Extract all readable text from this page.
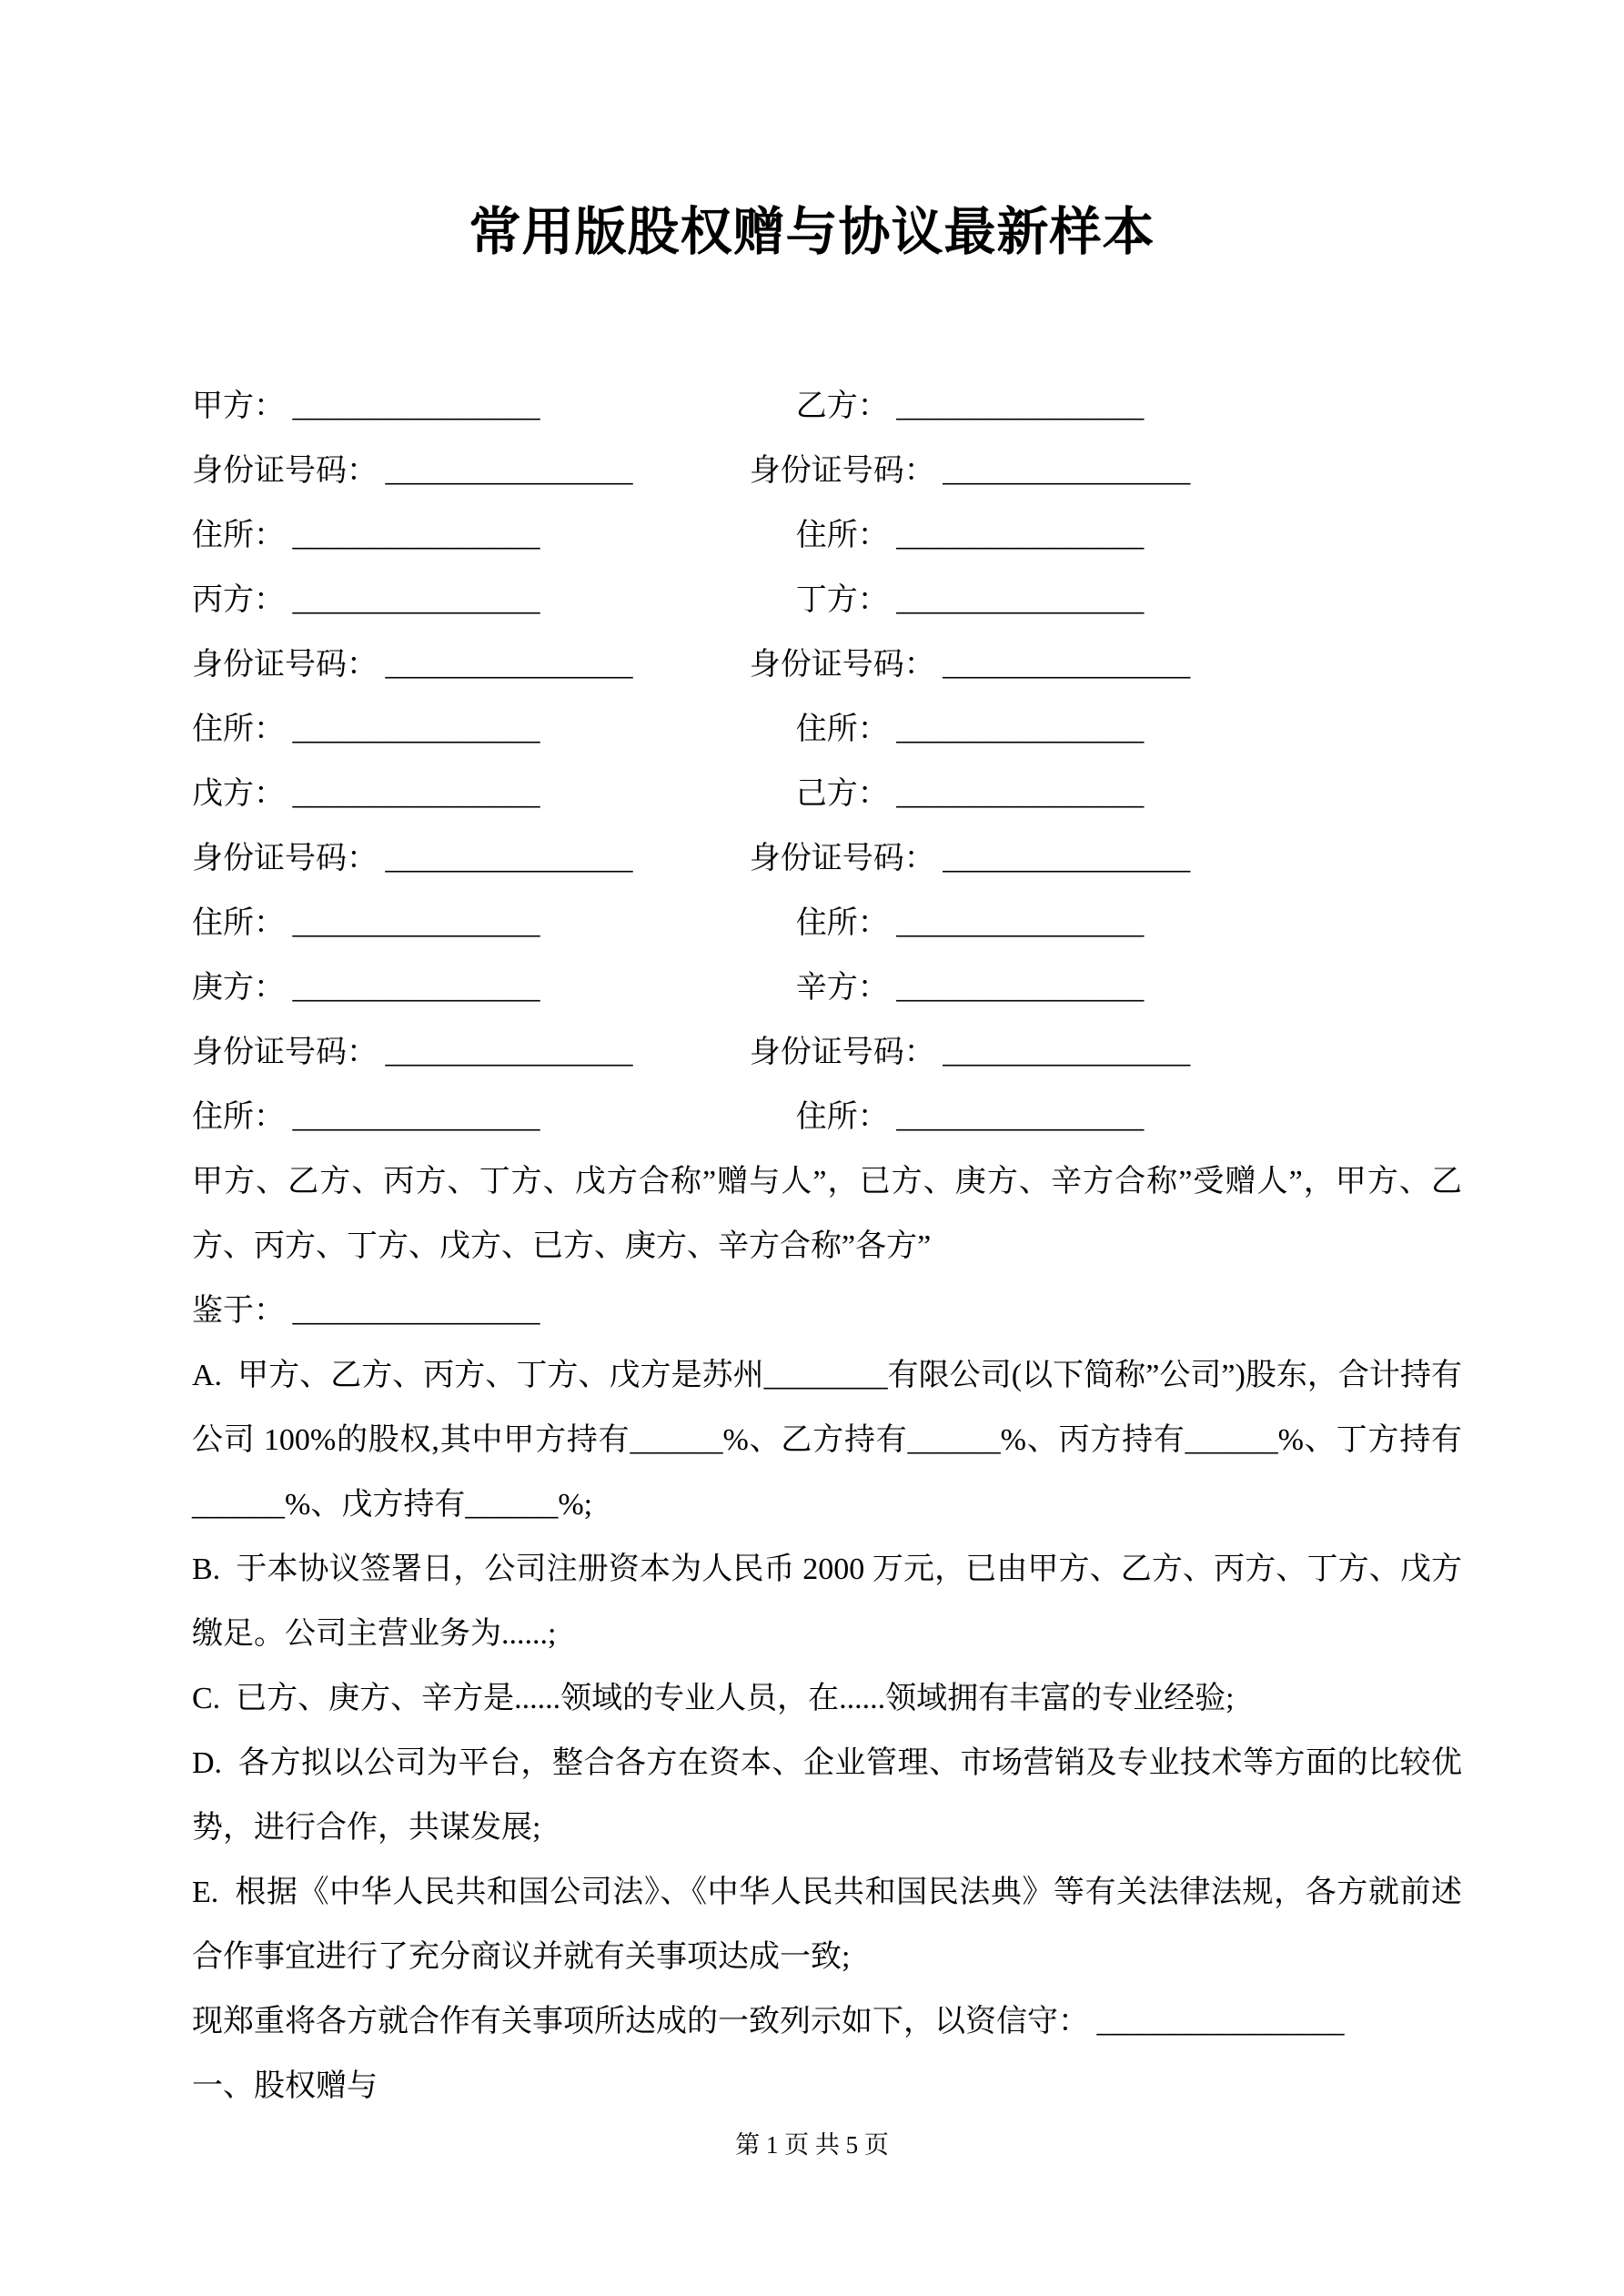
常用版股权赠与协议最新样本
甲方： ________________	乙方： ________________
身份证号码： ________________	身份证号码： ________________
住所： ________________	住所： ________________
丙方： ________________	丁方： ________________
身份证号码： ________________	身份证号码： ________________
住所： ________________	住所： ________________
戊方： ________________	己方： ________________
身份证号码： ________________	身份证号码： ________________
住所： ________________	住所： ________________
庚方： ________________	辛方： ________________
身份证号码： ________________	身份证号码： ________________
住所： ________________	住所： ________________

甲方、乙方、丙方、丁方、戊方合称”赠与人”，已方、庚方、辛方合称”受赠人”，甲方、乙方、丙方、丁方、戊方、已方、庚方、辛方合称”各方”

鉴于： ________________

A.  甲方、乙方、丙方、丁方、戊方是苏州________有限公司(以下简称”公司”)股东，合计持有公司 100%的股权,其中甲方持有______%、乙方持有______%、丙方持有______%、丁方持有______%、戊方持有______%;

B.  于本协议签署日，公司注册资本为人民币 2000 万元，已由甲方、乙方、丙方、丁方、戊方缴足。公司主营业务为......;

C.  已方、庚方、辛方是......领域的专业人员，在......领域拥有丰富的专业经验;

D.  各方拟以公司为平台，整合各方在资本、企业管理、市场营销及专业技术等方面的比较优势，进行合作，共谋发展;

E.  根据《中华人民共和国公司法》、《中华人民共和国民法典》等有关法律法规，各方就前述合作事宜进行了充分商议并就有关事项达成一致;

现郑重将各方就合作有关事项所达成的一致列示如下，以资信守： ________________

一、股权赠与

第 1 页 共 5 页
